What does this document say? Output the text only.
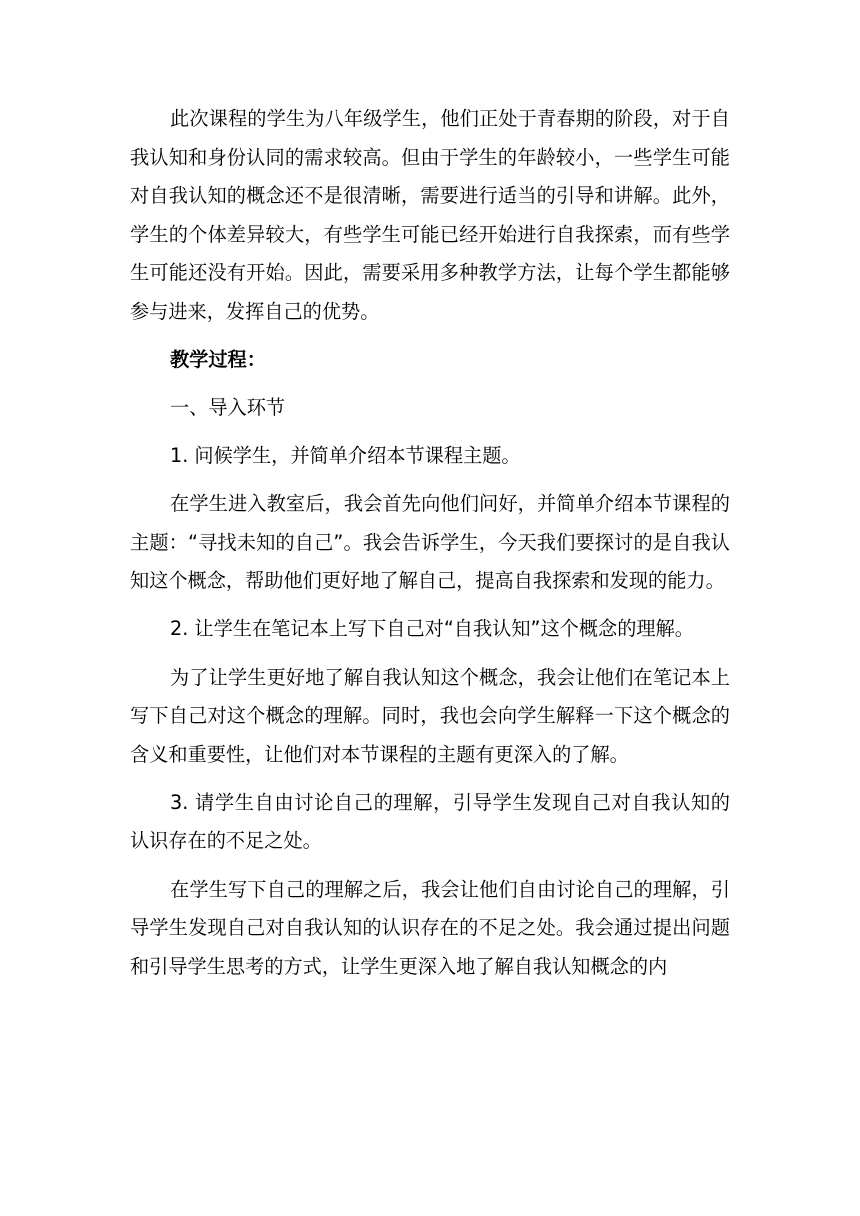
此次课程的学生为八年级学生，他们正处于青春期的阶段，对于自我认知和身份认同的需求较高。但由于学生的年龄较小，一些学生可能对自我认知的概念还不是很清晰，需要进行适当的引导和讲解。此外，学生的个体差异较大，有些学生可能已经开始进行自我探索，而有些学生可能还没有开始。因此，需要采用多种教学方法，让每个学生都能够参与进来，发挥自己的优势。

教学过程：

一、导入环节

1. 问候学生，并简单介绍本节课程主题。

在学生进入教室后，我会首先向他们问好，并简单介绍本节课程的主题：“寻找未知的自己”。我会告诉学生，今天我们要探讨的是自我认知这个概念，帮助他们更好地了解自己，提高自我探索和发现的能力。

2. 让学生在笔记本上写下自己对“自我认知”这个概念的理解。

为了让学生更好地了解自我认知这个概念，我会让他们在笔记本上写下自己对这个概念的理解。同时，我也会向学生解释一下这个概念的含义和重要性，让他们对本节课程的主题有更深入的了解。

3. 请学生自由讨论自己的理解，引导学生发现自己对自我认知的认识存在的不足之处。

在学生写下自己的理解之后，我会让他们自由讨论自己的理解，引导学生发现自己对自我认知的认识存在的不足之处。我会通过提出问题和引导学生思考的方式，让学生更深入地了解自我认知概念的内
